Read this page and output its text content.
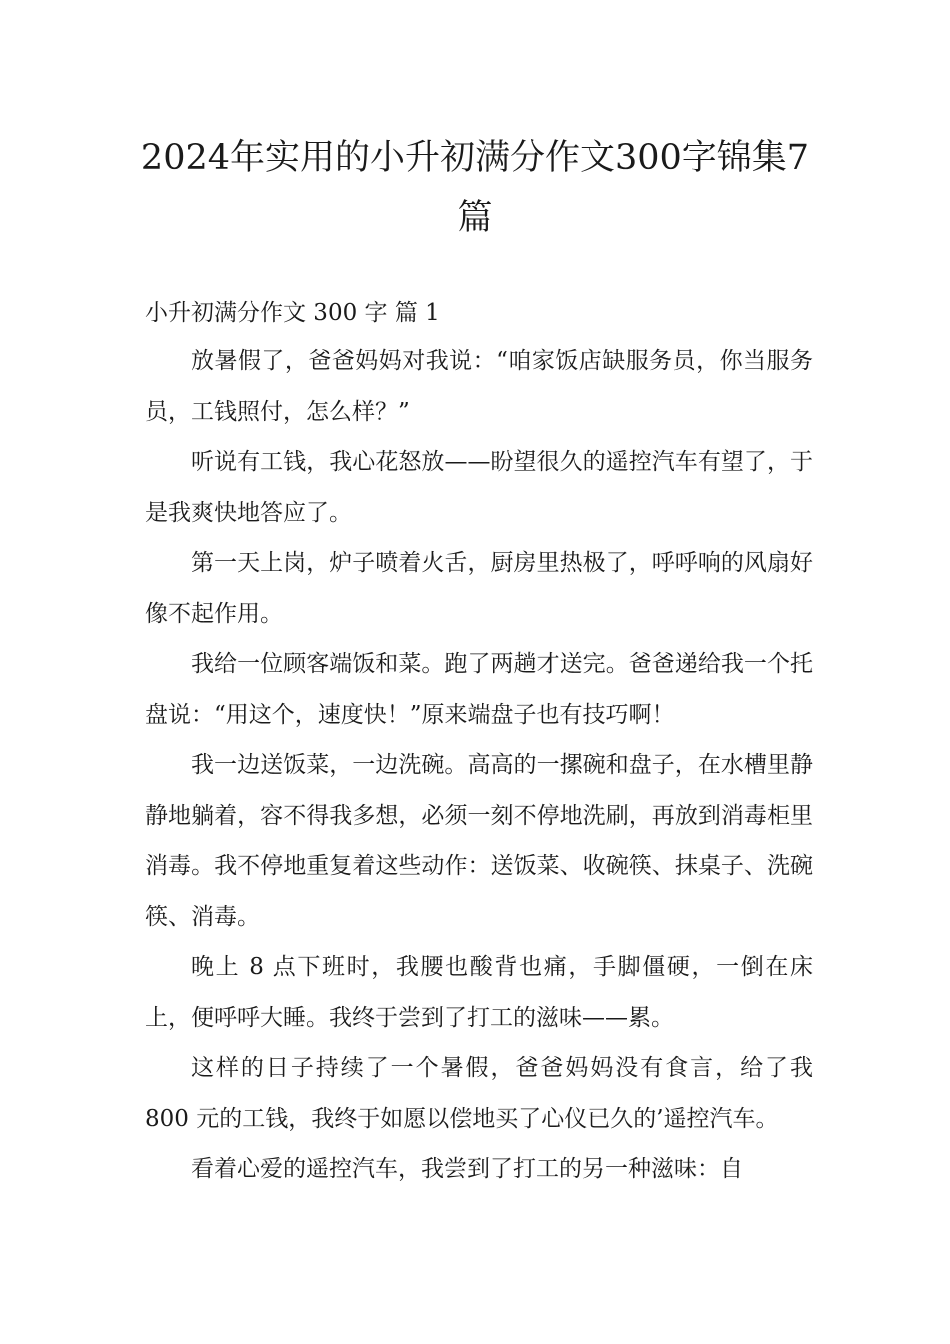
2024年实用的小升初满分作文300字锦集7篇
小升初满分作文 300 字 篇 1

放暑假了，爸爸妈妈对我说：“咱家饭店缺服务员，你当服务员，工钱照付，怎么样？”

听说有工钱，我心花怒放——盼望很久的遥控汽车有望了，于是我爽快地答应了。

第一天上岗，炉子喷着火舌，厨房里热极了，呼呼响的风扇好像不起作用。

我给一位顾客端饭和菜。跑了两趟才送完。爸爸递给我一个托盘说：“用这个，速度快！”原来端盘子也有技巧啊！

我一边送饭菜，一边洗碗。高高的一摞碗和盘子，在水槽里静静地躺着，容不得我多想，必须一刻不停地洗刷，再放到消毒柜里消毒。我不停地重复着这些动作：送饭菜、收碗筷、抹桌子、洗碗筷、消毒。

晚上 8 点下班时，我腰也酸背也痛，手脚僵硬，一倒在床上，便呼呼大睡。我终于尝到了打工的滋味——累。

这样的日子持续了一个暑假，爸爸妈妈没有食言，给了我 800 元的工钱，我终于如愿以偿地买了心仪已久的’遥控汽车。

看着心爱的遥控汽车，我尝到了打工的另一种滋味：自
